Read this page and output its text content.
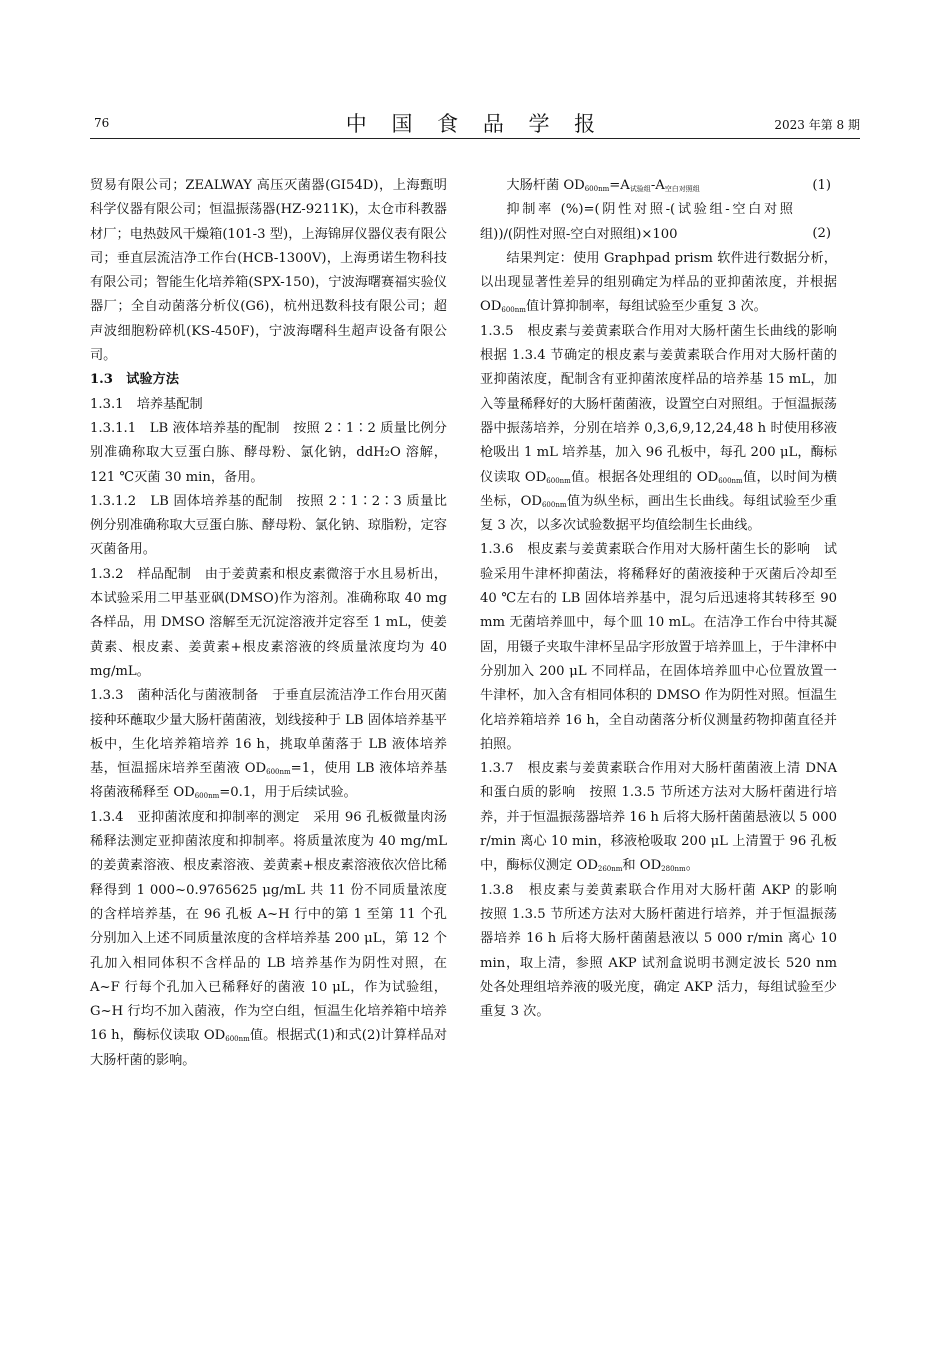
76	中 国 食 品 学 报	2023 年第 8 期

贸易有限公司；ZEALWAY 高压灭菌器(GI54D)，上海甄明科学仪器有限公司；恒温振荡器(HZ-9211K)，太仓市科教器材厂；电热鼓风干燥箱(101-3 型)，上海锦屏仪器仪表有限公司；垂直层流洁净工作台(HCB-1300V)，上海勇诺生物科技有限公司；智能生化培养箱(SPX-150)，宁波海曙赛福实验仪器厂；全自动菌落分析仪(G6)，杭州迅数科技有限公司；超声波细胞粉碎机(KS-450F)，宁波海曙科生超声设备有限公司。

1.3　试验方法

1.3.1　培养基配制

1.3.1.1　LB 液体培养基的配制　按照 2∶1∶2 质量比例分别准确称取大豆蛋白胨、酵母粉、氯化钠，ddH₂O 溶解，121 ℃灭菌 30 min，备用。

1.3.1.2　LB 固体培养基的配制　按照 2∶1∶2∶3 质量比例分别准确称取大豆蛋白胨、酵母粉、氯化钠、琼脂粉，定容灭菌备用。

1.3.2　样品配制　由于姜黄素和根皮素微溶于水且易析出，本试验采用二甲基亚砜(DMSO)作为溶剂。准确称取 40 mg 各样品，用 DMSO 溶解至无沉淀溶液并定容至 1 mL，使姜黄素、根皮素、姜黄素+根皮素溶液的终质量浓度均为 40 mg/mL。

1.3.3　菌种活化与菌液制备　于垂直层流洁净工作台用灭菌接种环蘸取少量大肠杆菌菌液，划线接种于 LB 固体培养基平板中，生化培养箱培养 16 h，挑取单菌落于 LB 液体培养基，恒温摇床培养至菌液 $OD_{600nm}=1$，使用 LB 液体培养基将菌液稀释至 $OD_{600nm}=0.1$，用于后续试验。

1.3.4　亚抑菌浓度和抑制率的测定　采用 96 孔板微量肉汤稀释法测定亚抑菌浓度和抑制率。将质量浓度为 40 mg/mL 的姜黄素溶液、根皮素溶液、姜黄素+根皮素溶液依次倍比稀释得到 1 000~0.9765625 μg/mL 共 11 份不同质量浓度的含样培养基，在 96 孔板 A~H 行中的第 1 至第 11 个孔分别加入上述不同质量浓度的含样培养基 200 μL，第 12 个孔加入相同体积不含样品的 LB 培养基作为阴性对照，在 A~F 行每个孔加入已稀释好的菌液 10 μL，作为试验组，G~H 行均不加入菌液，作为空白组，恒温生化培养箱中培养 16 h，酶标仪读取 $OD_{600nm}$值。根据式(1)和式(2)计算样品对大肠杆菌的影响。

大肠杆菌 $OD_{600nm}=A_{试验组}-A_{空白对照组}$	(1)

抑制率 (%)=(阴性对照-(试验组-空白对照组))/(阴性对照-空白对照组)×100	(2)

结果判定：使用 Graphpad prism 软件进行数据分析，以出现显著性差异的组别确定为样品的亚抑菌浓度，并根据 $OD_{600nm}$值计算抑制率，每组试验至少重复 3 次。

1.3.5　根皮素与姜黄素联合作用对大肠杆菌生长曲线的影响　根据 1.3.4 节确定的根皮素与姜黄素联合作用对大肠杆菌的亚抑菌浓度，配制含有亚抑菌浓度样品的培养基 15 mL，加入等量稀释好的大肠杆菌菌液，设置空白对照组。于恒温振荡器中振荡培养，分别在培养 0,3,6,9,12,24,48 h 时使用移液枪吸出 1 mL 培养基，加入 96 孔板中，每孔 200 μL，酶标仪读取 $OD_{600nm}$值。根据各处理组的 $OD_{600nm}$值，以时间为横坐标，$OD_{600nm}$值为纵坐标，画出生长曲线。每组试验至少重复 3 次，以多次试验数据平均值绘制生长曲线。

1.3.6　根皮素与姜黄素联合作用对大肠杆菌生长的影响　试验采用牛津杯抑菌法，将稀释好的菌液接种于灭菌后冷却至 40 ℃左右的 LB 固体培养基中，混匀后迅速将其转移至 90 mm 无菌培养皿中，每个皿 10 mL。在洁净工作台中待其凝固，用镊子夹取牛津杯呈品字形放置于培养皿上，于牛津杯中分别加入 200 μL 不同样品，在固体培养皿中心位置放置一牛津杯，加入含有相同体积的 DMSO 作为阴性对照。恒温生化培养箱培养 16 h，全自动菌落分析仪测量药物抑菌直径并拍照。

1.3.7　根皮素与姜黄素联合作用对大肠杆菌菌液上清 DNA 和蛋白质的影响　按照 1.3.5 节所述方法对大肠杆菌进行培养，并于恒温振荡器培养 16 h 后将大肠杆菌菌悬液以 5 000 r/min 离心 10 min，移液枪吸取 200 μL 上清置于 96 孔板中，酶标仪测定 $OD_{260nm}$和 $OD_{280nm}$。

1.3.8　根皮素与姜黄素联合作用对大肠杆菌 AKP 的影响　按照 1.3.5 节所述方法对大肠杆菌进行培养，并于恒温振荡器培养 16 h 后将大肠杆菌菌悬液以 5 000 r/min 离心 10 min，取上清，参照 AKP 试剂盒说明书测定波长 520 nm 处各处理组培养液的吸光度，确定 AKP 活力，每组试验至少重复 3 次。
